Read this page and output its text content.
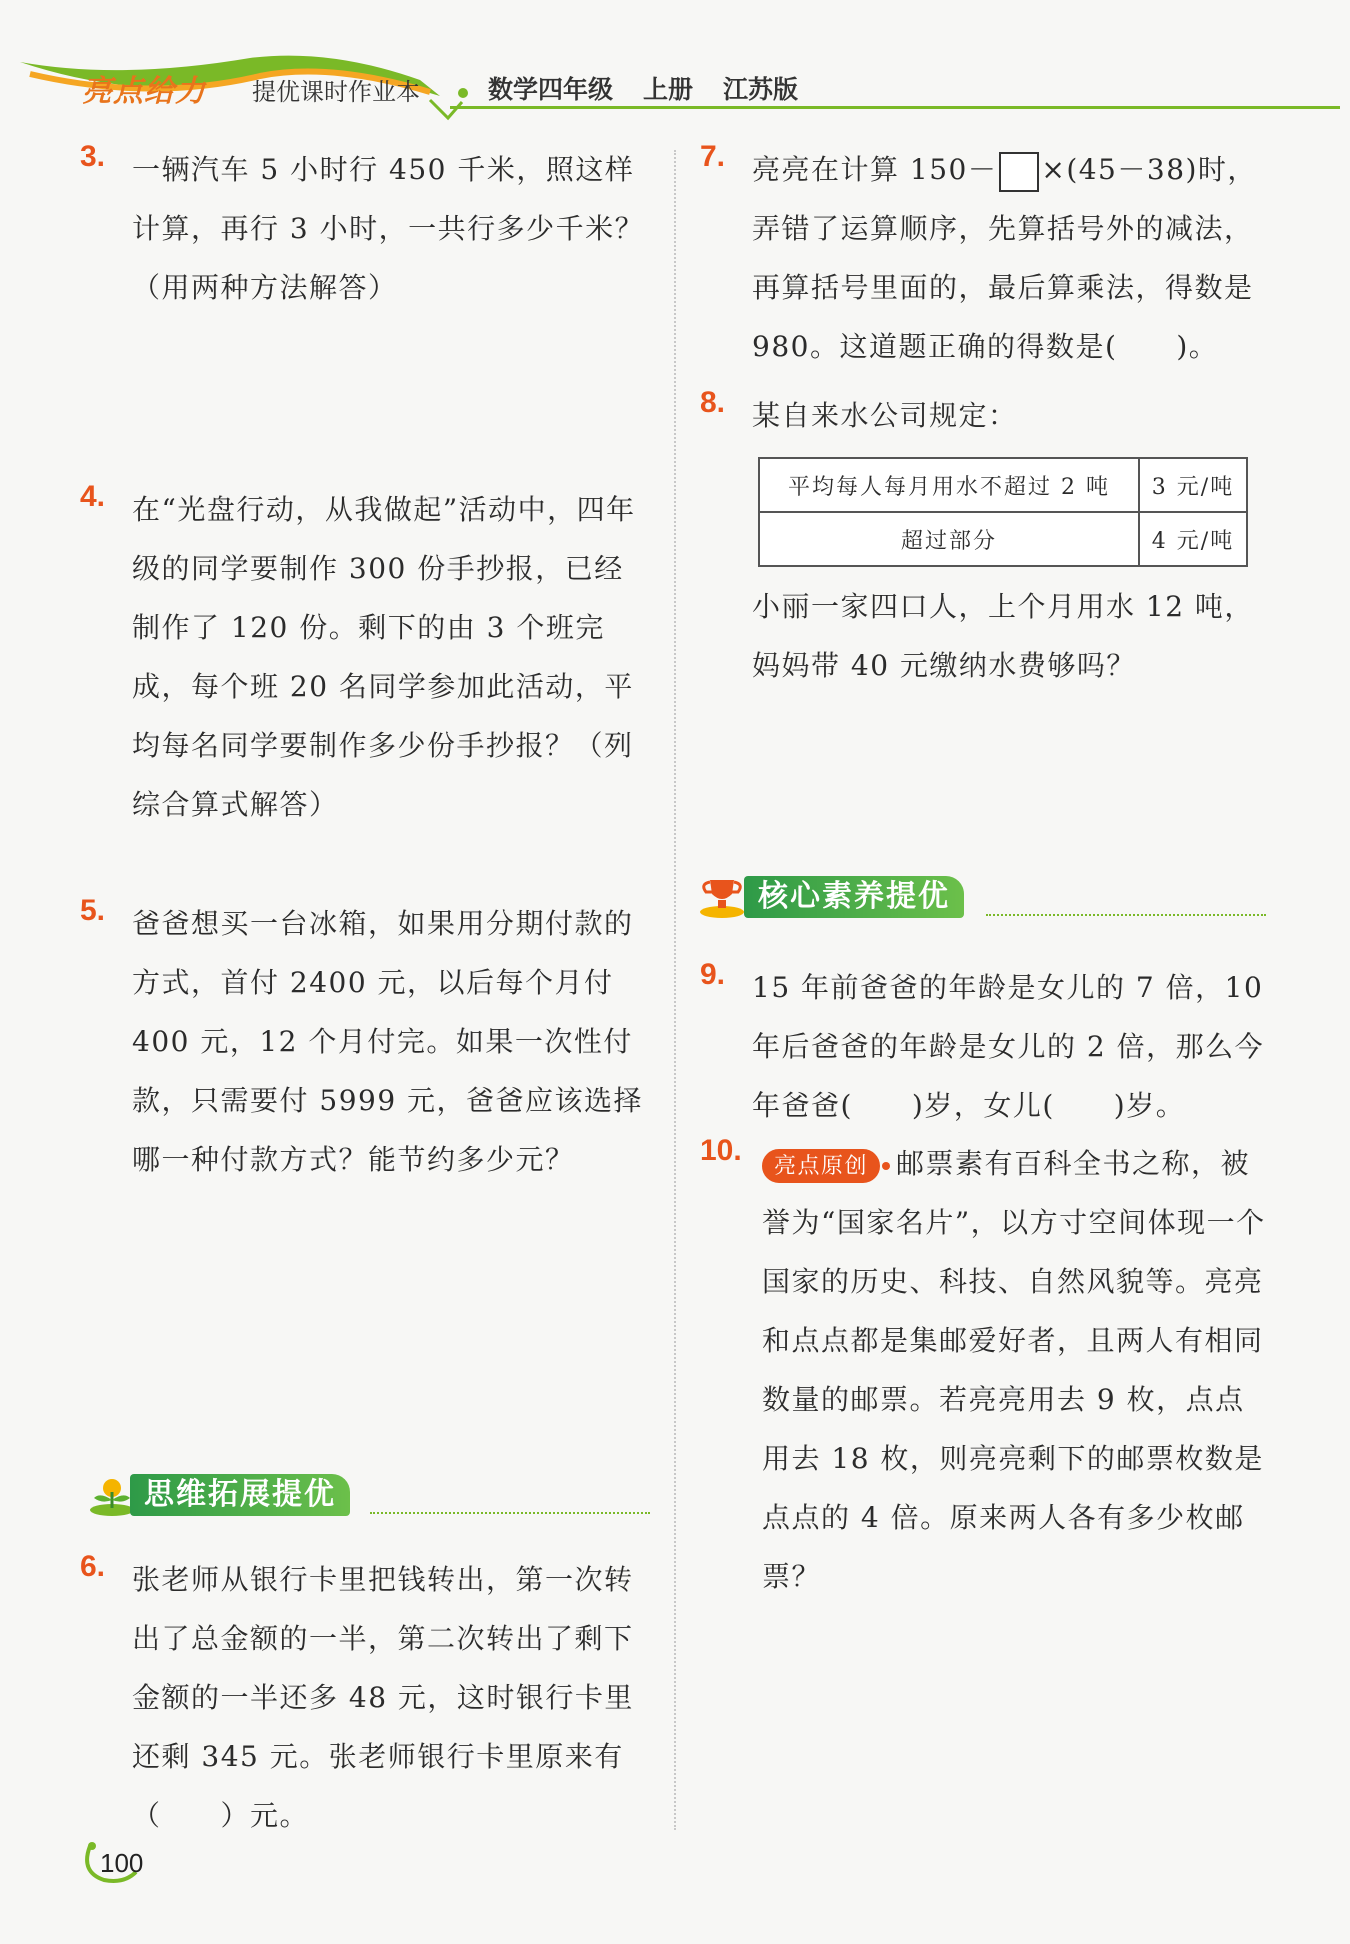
亮点给力 提优课时作业本	数学四年级 上册 江苏版
3. 一辆汽车 5 小时行 450 千米，照这样计算，再行 3 小时，一共行多少千米？（用两种方法解答）
4. 在“光盘行动，从我做起”活动中，四年级的同学要制作 300 份手抄报，已经制作了 120 份。剩下的由 3 个班完成，每个班 20 名同学参加此活动，平均每名同学要制作多少份手抄报？（列综合算式解答）
5. 爸爸想买一台冰箱，如果用分期付款的方式，首付 2400 元，以后每个月付 400 元，12 个月付完。如果一次性付款，只需要付 5999 元，爸爸应该选择哪一种付款方式？能节约多少元？
思维拓展提优
6. 张老师从银行卡里把钱转出，第一次转出了总金额的一半，第二次转出了剩下金额的一半还多 48 元，这时银行卡里还剩 345 元。张老师银行卡里原来有（　　）元。
7. 亮亮在计算 150－ ×(45－38)时，弄错了运算顺序，先算括号外的减法，再算括号里面的，最后算乘法，得数是 980。这道题正确的得数是(　　)。
8. 某自来水公司规定：
平均每人每月用水不超过 2 吨	3 元/吨
超过部分	4 元/吨
小丽一家四口人，上个月用水 12 吨，妈妈带 40 元缴纳水费够吗？
核心素养提优
9. 15 年前爸爸的年龄是女儿的 7 倍，10 年后爸爸的年龄是女儿的 2 倍，那么今年爸爸(　　)岁，女儿(　　)岁。
10.	亮点原创 邮票素有百科全书之称，被誉为“国家名片”，以方寸空间体现一个国家的历史、科技、自然风貌等。亮亮和点点都是集邮爱好者，且两人有相同数量的邮票。若亮亮用去 9 枚，点点用去 18 枚，则亮亮剩下的邮票枚数是点点的 4 倍。原来两人各有多少枚邮票？
100
